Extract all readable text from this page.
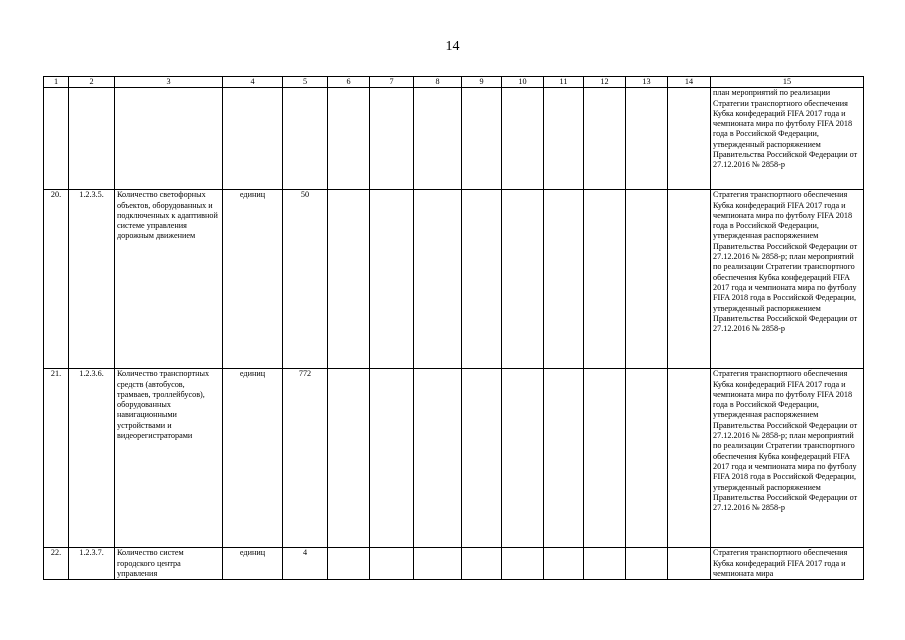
14
1	2	3	4	5	6	7	8	9	10	11	12	13	14	15
														план мероприятий по реализации Стратегии транспортного обеспечения Кубка конфедераций FIFA 2017 года и чемпионата мира по футболу FIFA 2018 года в Российской Федерации, утвержденный распоряжением Правительства Российской Федерации от 27.12.2016 № 2858-р
20.	1.2.3.5.	Количество светофорных объектов, оборудованных и подключенных к адаптивной системе управления дорожным движением	единиц	50										Стратегия транспортного обеспечения Кубка конфедераций FIFA 2017 года и чемпионата мира по футболу FIFA 2018 года в Российской Федерации, утвержденная распоряжением Правительства Российской Федерации от 27.12.2016 № 2858-р; план мероприятий по реализации Стратегии транспортного обеспечения Кубка конфедераций FIFA 2017 года и чемпионата мира по футболу FIFA 2018 года в Российской Федерации, утвержденный распоряжением Правительства Российской Федерации от 27.12.2016 № 2858-р
21.	1.2.3.6.	Количество транспортных средств (автобусов, трамваев, троллейбусов), оборудованных навигационными устройствами и видеорегистраторами	единиц	772										Стратегия транспортного обеспечения Кубка конфедераций FIFA 2017 года и чемпионата мира по футболу FIFA 2018 года в Российской Федерации, утвержденная распоряжением Правительства Российской Федерации от 27.12.2016 № 2858-р; план мероприятий по реализации Стратегии транспортного обеспечения Кубка конфедераций FIFA 2017 года и чемпионата мира по футболу FIFA 2018 года в Российской Федерации, утвержденный распоряжением Правительства Российской Федерации от 27.12.2016 № 2858-р
22.	1.2.3.7.	Количество систем городского центра управления	единиц	4										Стратегия транспортного обеспечения Кубка конфедераций FIFA 2017 года и чемпионата мира
